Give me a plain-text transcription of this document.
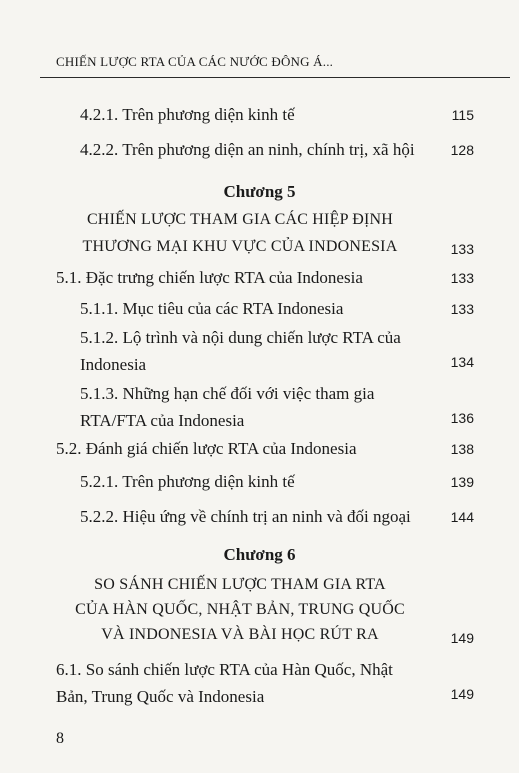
CHIẾN LƯỢC RTA CỦA CÁC NƯỚC ĐÔNG Á...
4.2.1. Trên phương diện kinh tế	115
4.2.2. Trên phương diện an ninh, chính trị, xã hội	128
Chương 5
CHIẾN LƯỢC THAM GIA CÁC HIỆP ĐỊNH
THƯƠNG MẠI KHU VỰC CỦA INDONESIA	133
5.1. Đặc trưng chiến lược RTA của Indonesia	133
5.1.1. Mục tiêu của các RTA Indonesia	133
5.1.2. Lộ trình và nội dung chiến lược RTA của
Indonesia	134
5.1.3. Những hạn chế đối với việc tham gia
RTA/FTA của Indonesia	136
5.2. Đánh giá chiến lược RTA của Indonesia	138
5.2.1. Trên phương diện kinh tế	139
5.2.2. Hiệu ứng về chính trị an ninh và đối ngoại	144
Chương 6
SO SÁNH CHIẾN LƯỢC THAM GIA RTA
CỦA HÀN QUỐC, NHẬT BẢN, TRUNG QUỐC
VÀ INDONESIA VÀ BÀI HỌC RÚT RA	149
6.1. So sánh chiến lược RTA của Hàn Quốc, Nhật
Bản, Trung Quốc và Indonesia	149
8
